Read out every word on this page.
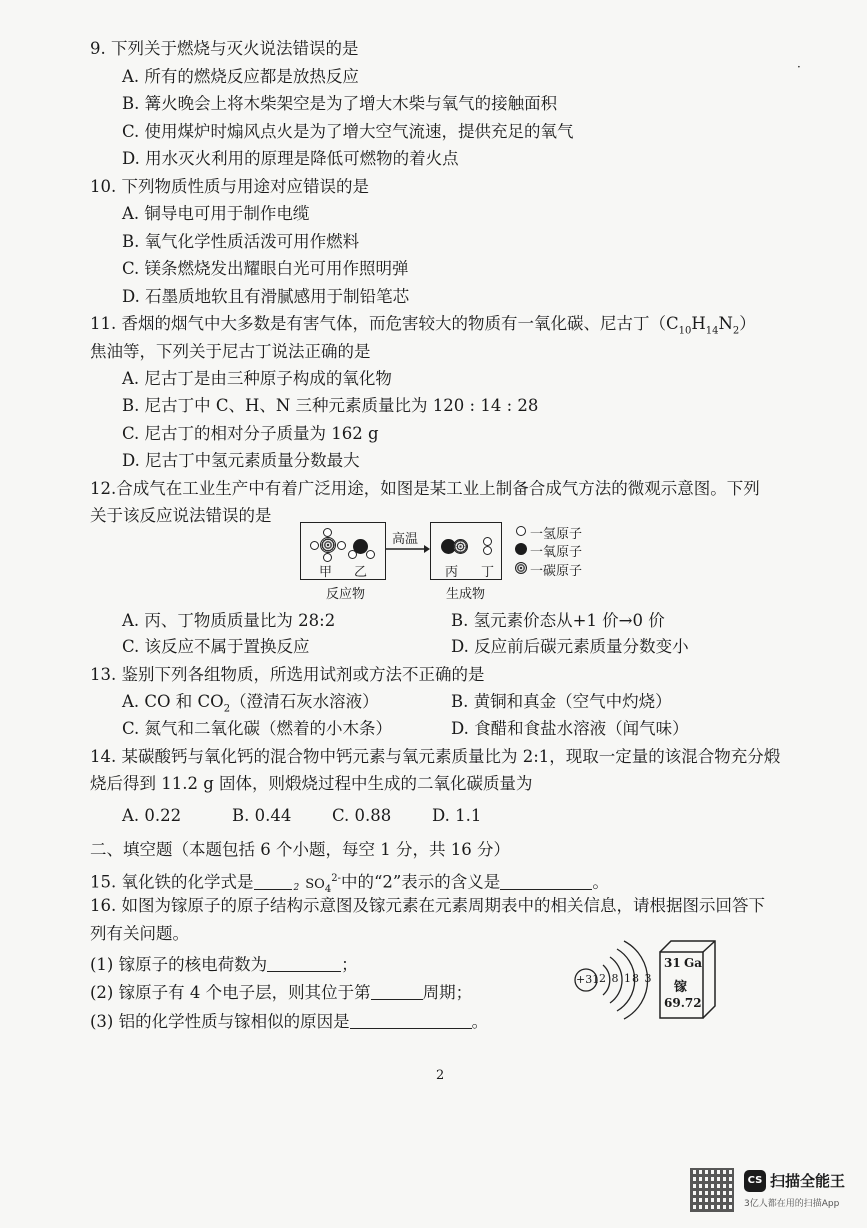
·
9. 下列关于燃烧与灭火说法错误的是
A. 所有的燃烧反应都是放热反应
B. 篝火晚会上将木柴架空是为了增大木柴与氧气的接触面积
C. 使用煤炉时煽风点火是为了增大空气流速，提供充足的氧气
D. 用水灭火利用的原理是降低可燃物的着火点
10. 下列物质性质与用途对应错误的是
A. 铜导电可用于制作电缆
B. 氧气化学性质活泼可用作燃料
C. 镁条燃烧发出耀眼白光可用作照明弹
D. 石墨质地软且有滑腻感用于制铅笔芯
11. 香烟的烟气中大多数是有害气体，而危害较大的物质有一氧化碳、尼古丁$(C_{10}H_{14}N_2)$
焦油等，下列关于尼古丁说法正确的是
A. 尼古丁是由三种原子构成的氧化物
B. 尼古丁中 C、H、N 三种元素质量比为 120 : 14 : 28
C. 尼古丁的相对分子质量为 162 g
D. 尼古丁中氢元素质量分数最大
12.合成气在工业生产中有着广泛用途，如图是某工业上制备合成气方法的微观示意图。下列
关于该反应说法错误的是
甲 乙
反应物
高温
丙 丁
生成物
一氢原子
一氧原子
一碳原子
A. 丙、丁物质质量比为 28:2	B. 氢元素价态从+1 价→0 价
C. 该反应不属于置换反应	D. 反应前后碳元素质量分数变小
13. 鉴别下列各组物质，所选用试剂或方法不正确的是
A. CO 和 $CO_2$（澄清石灰水溶液）	B. 黄铜和真金（空气中灼烧）
C. 氮气和二氧化碳（燃着的小木条）	D. 食醋和食盐水溶液（闻气味）
14. 某碳酸钙与氧化钙的混合物中钙元素与氧元素质量比为 2:1，现取一定量的该混合物充分煅
烧后得到 11.2 g 固体，则煅烧过程中生成的二氧化碳质量为
A. 0.22	B. 0.44 C. 0.88 D. 1.1
二、填空题（本题包括 6 个小题，每空 1 分，共 16 分）
15. 氧化铁的化学式是	2 $SO_4^{2-}$中的“2”表示的含义是	。
16. 如图为镓原子的原子结构示意图及镓元素在元素周期表中的相关信息，请根据图示回答下
列有关问题。
(1) 镓原子的核电荷数为	；
(2) 镓原子有 4 个电子层，则其位于第	周期；
(3) 铝的化学性质与镓相似的原因是	。
+31 2 8 18 3
31 Ga
镓
69.72
2
CS 扫描全能王
3亿人都在用的扫描App
